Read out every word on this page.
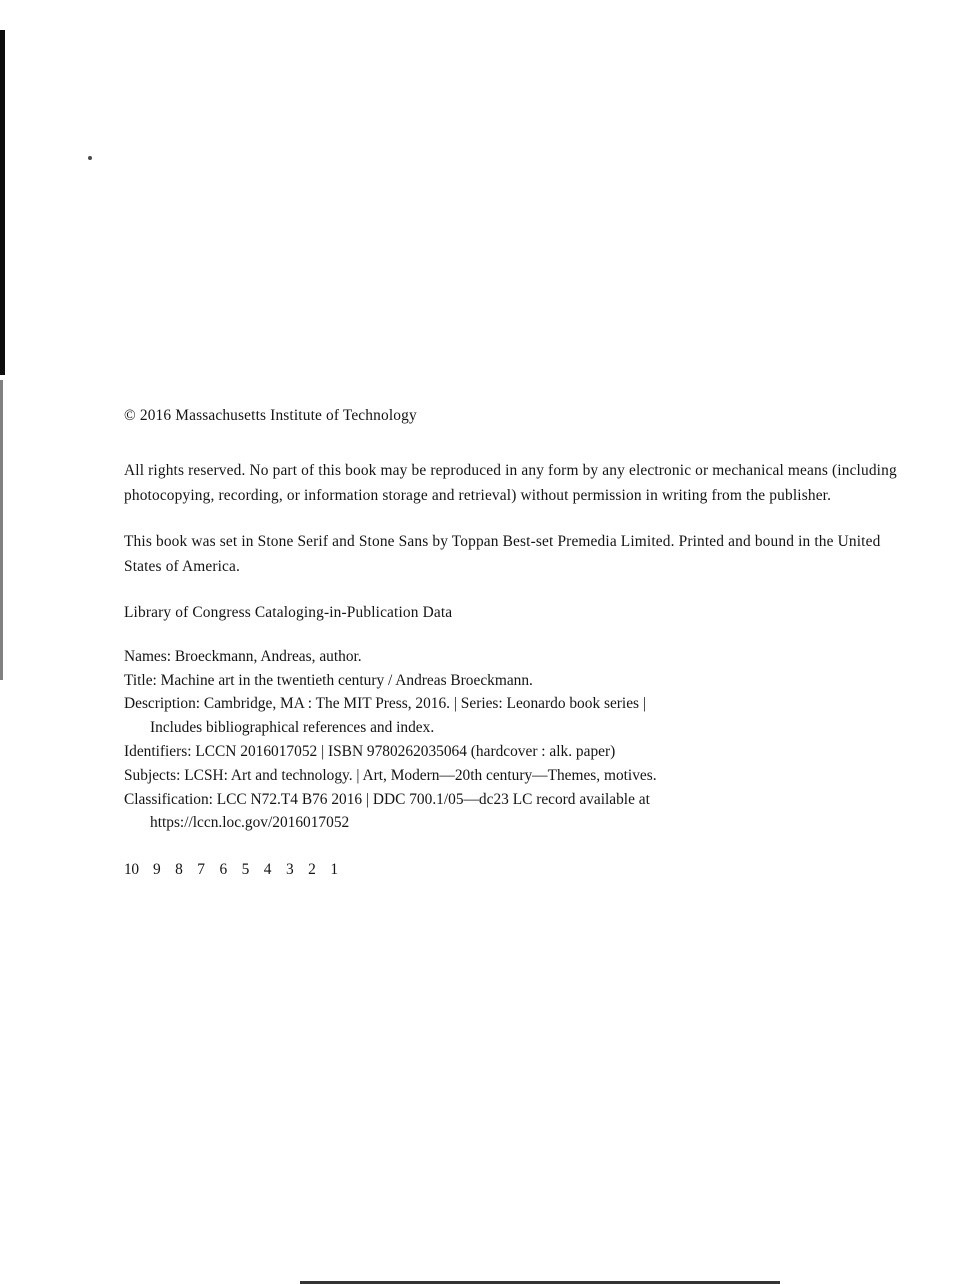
© 2016 Massachusetts Institute of Technology

All rights reserved. No part of this book may be reproduced in any form by any electronic or mechanical means (including photocopying, recording, or information storage and retrieval) without permission in writing from the publisher.

This book was set in Stone Serif and Stone Sans by Toppan Best-set Premedia Limited. Printed and bound in the United States of America.

Library of Congress Cataloging-in-Publication Data

Names: Broeckmann, Andreas, author.
Title: Machine art in the twentieth century / Andreas Broeckmann.
Description: Cambridge, MA : The MIT Press, 2016. | Series: Leonardo book series |
Includes bibliographical references and index.
Identifiers: LCCN 2016017052 | ISBN 9780262035064 (hardcover : alk. paper)
Subjects: LCSH: Art and technology. | Art, Modern—20th century—Themes, motives.
Classification: LCC N72.T4 B76 2016 | DDC 700.1/05—dc23 LC record available at
https://lccn.loc.gov/2016017052
10 9 8 7 6 5 4 3 2 1
